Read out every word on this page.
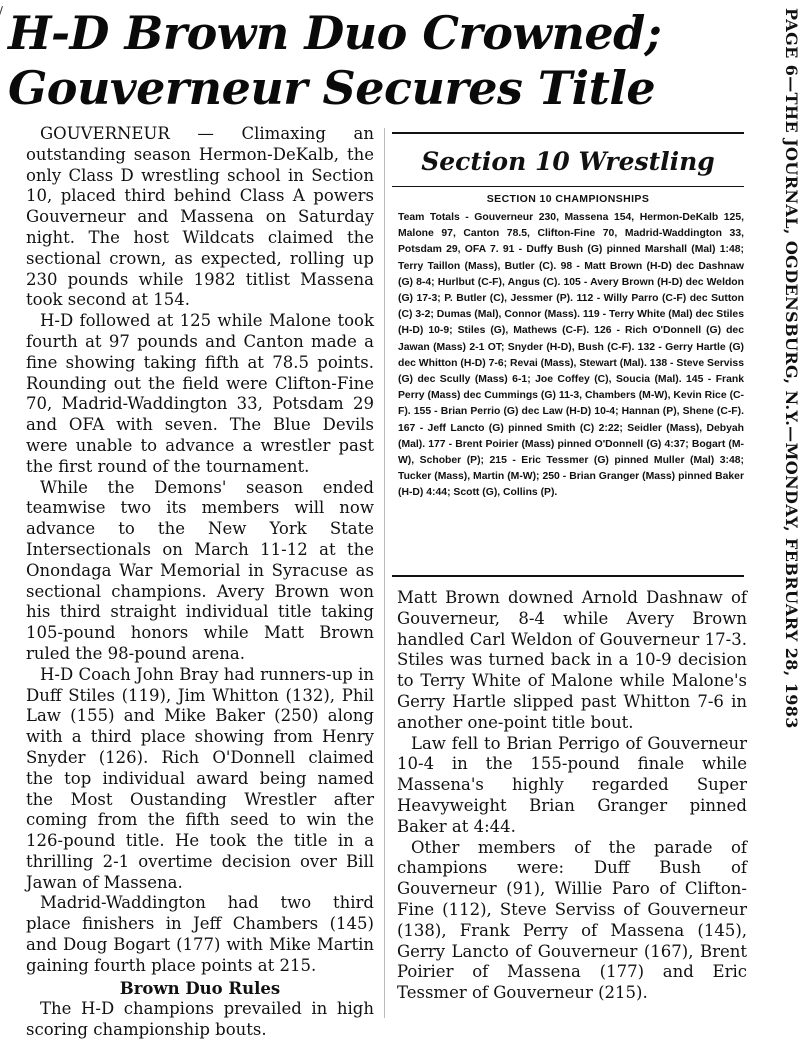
H-D Brown Duo Crowned;
Gouverneur Secures Title	PAGE 6—THE JOURNAL, OGDENSBURG, N.Y.—MONDAY, FEBRUARY 28, 1983

GOUVERNEUR — Climaxing an outstanding season Hermon-DeKalb, the only Class D wrestling school in Section 10, placed third behind Class A powers Gouverneur and Massena on Saturday night. The host Wildcats claimed the sectional crown, as expected, rolling up 230 pounds while 1982 titlist Massena took second at 154.

H-D followed at 125 while Malone took fourth at 97 pounds and Canton made a fine showing taking fifth at 78.5 points. Rounding out the field were Clifton-Fine 70, Madrid-Waddington 33, Potsdam 29 and OFA with seven. The Blue Devils were unable to advance a wrestler past the first round of the tournament.

While the Demons' season ended teamwise two its members will now advance to the New York State Intersectionals on March 11-12 at the Onondaga War Memorial in Syracuse as sectional champions. Avery Brown won his third straight individual title taking 105-pound honors while Matt Brown ruled the 98-pound arena.

H-D Coach John Bray had runners-up in Duff Stiles (119), Jim Whitton (132), Phil Law (155) and Mike Baker (250) along with a third place showing from Henry Snyder (126). Rich O'Donnell claimed the top individual award being named the Most Oustanding Wrestler after coming from the fifth seed to win the 126-pound title. He took the title in a thrilling 2-1 overtime decision over Bill Jawan of Massena.

Madrid-Waddington had two third place finishers in Jeff Chambers (145) and Doug Bogart (177) with Mike Martin gaining fourth place points at 215.

Brown Duo Rules

The H-D champions prevailed in high scoring championship bouts.

Section 10 Wrestling
SECTION 10 CHAMPIONSHIPS
Team Totals - Gouverneur 230, Massena 154, Hermon-DeKalb 125, Malone 97, Canton 78.5, Clifton-Fine 70, Madrid-Waddington 33, Potsdam 29, OFA 7. 91 - Duffy Bush (G) pinned Marshall (Mal) 1:48; Terry Taillon (Mass), Butler (C). 98 - Matt Brown (H-D) dec Dashnaw (G) 8-4; Hurlbut (C-F), Angus (C). 105 - Avery Brown (H-D) dec Weldon (G) 17-3; P. Butler (C), Jessmer (P). 112 - Willy Parro (C-F) dec Sutton (C) 3-2; Dumas (Mal), Connor (Mass). 119 - Terry White (Mal) dec Stiles (H-D) 10-9; Stiles (G), Mathews (C-F). 126 - Rich O'Donnell (G) dec Jawan (Mass) 2-1 OT; Snyder (H-D), Bush (C-F). 132 - Gerry Hartle (G) dec Whitton (H-D) 7-6; Revai (Mass), Stewart (Mal). 138 - Steve Serviss (G) dec Scully (Mass) 6-1; Joe Coffey (C), Soucia (Mal). 145 - Frank Perry (Mass) dec Cummings (G) 11-3, Chambers (M-W), Kevin Rice (C-F). 155 - Brian Perrio (G) dec Law (H-D) 10-4; Hannan (P), Shene (C-F). 167 - Jeff Lancto (G) pinned Smith (C) 2:22; Seidler (Mass), Debyah (Mal). 177 - Brent Poirier (Mass) pinned O'Donnell (G) 4:37; Bogart (M-W), Schober (P); 215 - Eric Tessmer (G) pinned Muller (Mal) 3:48; Tucker (Mass), Martin (M-W); 250 - Brian Granger (Mass) pinned Baker (H-D) 4:44; Scott (G), Collins (P).

Matt Brown downed Arnold Dashnaw of Gouverneur, 8-4 while Avery Brown handled Carl Weldon of Gouverneur 17-3. Stiles was turned back in a 10-9 decision to Terry White of Malone while Malone's Gerry Hartle slipped past Whitton 7-6 in another one-point title bout.

Law fell to Brian Perrigo of Gouverneur 10-4 in the 155-pound finale while Massena's highly regarded Super Heavyweight Brian Granger pinned Baker at 4:44.

Other members of the parade of champions were: Duff Bush of Gouverneur (91), Willie Paro of Clifton-Fine (112), Steve Serviss of Gouverneur (138), Frank Perry of Massena (145), Gerry Lancto of Gouverneur (167), Brent Poirier of Massena (177) and Eric Tessmer of Gouverneur (215).
